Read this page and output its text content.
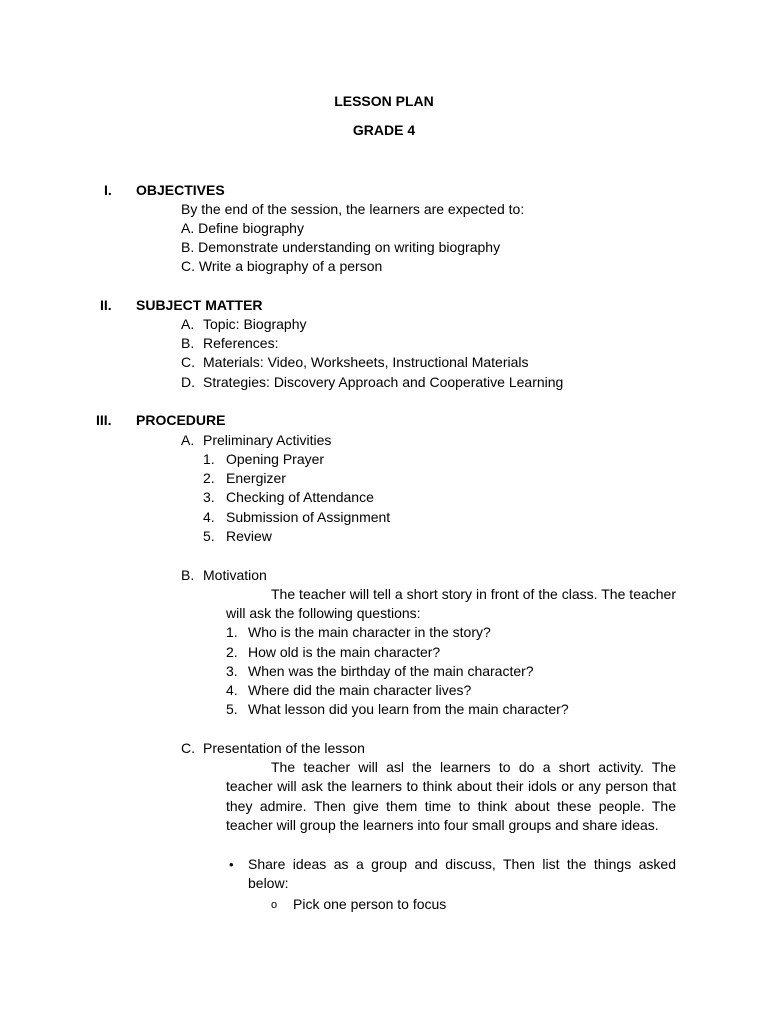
LESSON PLAN
GRADE 4
I. OBJECTIVES
By the end of the session, the learners are expected to:
A. Define biography
B. Demonstrate understanding on writing biography
C. Write a biography of a person
II. SUBJECT MATTER
A. Topic: Biography
B. References:
C. Materials: Video, Worksheets, Instructional Materials
D. Strategies: Discovery Approach and Cooperative Learning
III. PROCEDURE
A. Preliminary Activities
1. Opening Prayer
2. Energizer
3. Checking of Attendance
4. Submission of Assignment
5. Review
B. Motivation
The teacher will tell a short story in front of the class. The teacher will ask the following questions:
1. Who is the main character in the story?
2. How old is the main character?
3. When was the birthday of the main character?
4. Where did the main character lives?
5. What lesson did you learn from the main character?
C. Presentation of the lesson
The teacher will asl the learners to do a short activity. The teacher will ask the learners to think about their idols or any person that they admire. Then give them time to think about these people. The teacher will group the learners into four small groups and share ideas.
• Share ideas as a group and discuss, Then list the things asked below:
o Pick one person to focus
